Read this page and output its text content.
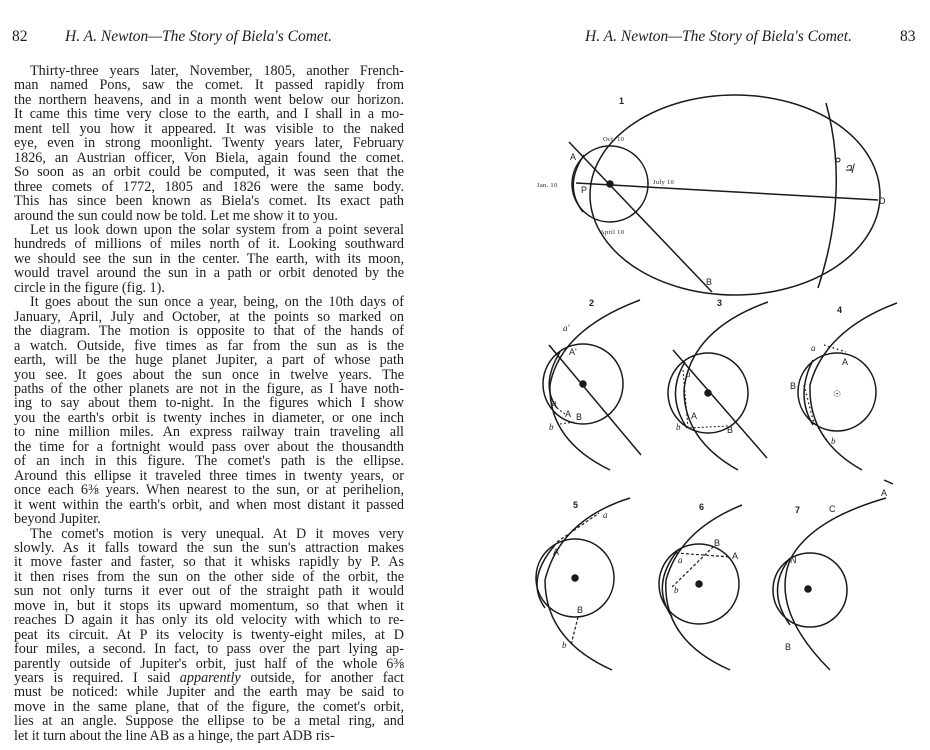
82 H. A. Newton—The Story of Biela's Comet.
Thirty-three years later, November, 1805, another French-
man named Pons, saw the comet. It passed rapidly from
the northern heavens, and in a month went below our horizon.
It came this time very close to the earth, and I shall in a mo-
ment tell you how it appeared. It was visible to the naked
eye, even in strong moonlight. Twenty years later, February
1826, an Austrian officer, Von Biela, again found the comet.
So soon as an orbit could be computed, it was seen that the
three comets of 1772, 1805 and 1826 were the same body.
This has since been known as Biela's comet. Its exact path
around the sun could now be told. Let me show it to you.
Let us look down upon the solar system from a point several
hundreds of millions of miles north of it. Looking southward
we should see the sun in the center. The earth, with its moon,
would travel around the sun in a path or orbit denoted by the
circle in the figure (fig. 1).
It goes about the sun once a year, being, on the 10th days of
January, April, July and October, at the points so marked on
the diagram. The motion is opposite to that of the hands of
a watch. Outside, five times as far from the sun as is the
earth, will be the huge planet Jupiter, a part of whose path
you see. It goes about the sun once in twelve years. The
paths of the other planets are not in the figure, as I have noth-
ing to say about them to-night. In the figures which I show
you the earth's orbit is twenty inches in diameter, or one inch
to nine million miles. An express railway train traveling all
the time for a fortnight would pass over about the thousandth
of an inch in this figure. The comet's path is the ellipse.
Around this ellipse it traveled three times in twenty years, or
once each 6⅜ years. When nearest to the sun, or at perihelion,
it went within the earth's orbit, and when most distant it passed
beyond Jupiter.
The comet's motion is very unequal. At D it moves very
slowly. As it falls toward the sun the sun's attraction makes
it move faster and faster, so that it whisks rapidly by P. As
it then rises from the sun on the other side of the orbit, the
sun not only turns it ever out of the straight path it would
move in, but it stops its upward momentum, so that when it
reaches D again it has only its old velocity with which to re-
peat its circuit. At P its velocity is twenty-eight miles, at D
four miles, a second. In fact, to pass over the part lying ap-
parently outside of Jupiter's orbit, just half of the whole 6⅜
years is required. I said apparently outside, for another fact
must be noticed: while Jupiter and the earth may be said to
move in the same plane, that of the figure, the comet's orbit,
lies at an angle. Suppose the ellipse to be a metal ring, and
let it turn about the line AB as a hinge, the part ADB ris-
H. A. Newton—The Story of Biela's Comet.	83
1
Oct. 10
Jan. 10	July 10
April 10
A
P
B
D
♃
2
a'
A'
a
A B
b
3
a'
A
B
b
4
a
A
B
☉
b
5
a
A
B
b
6
B
A
a
b
7
A
C
N
B
